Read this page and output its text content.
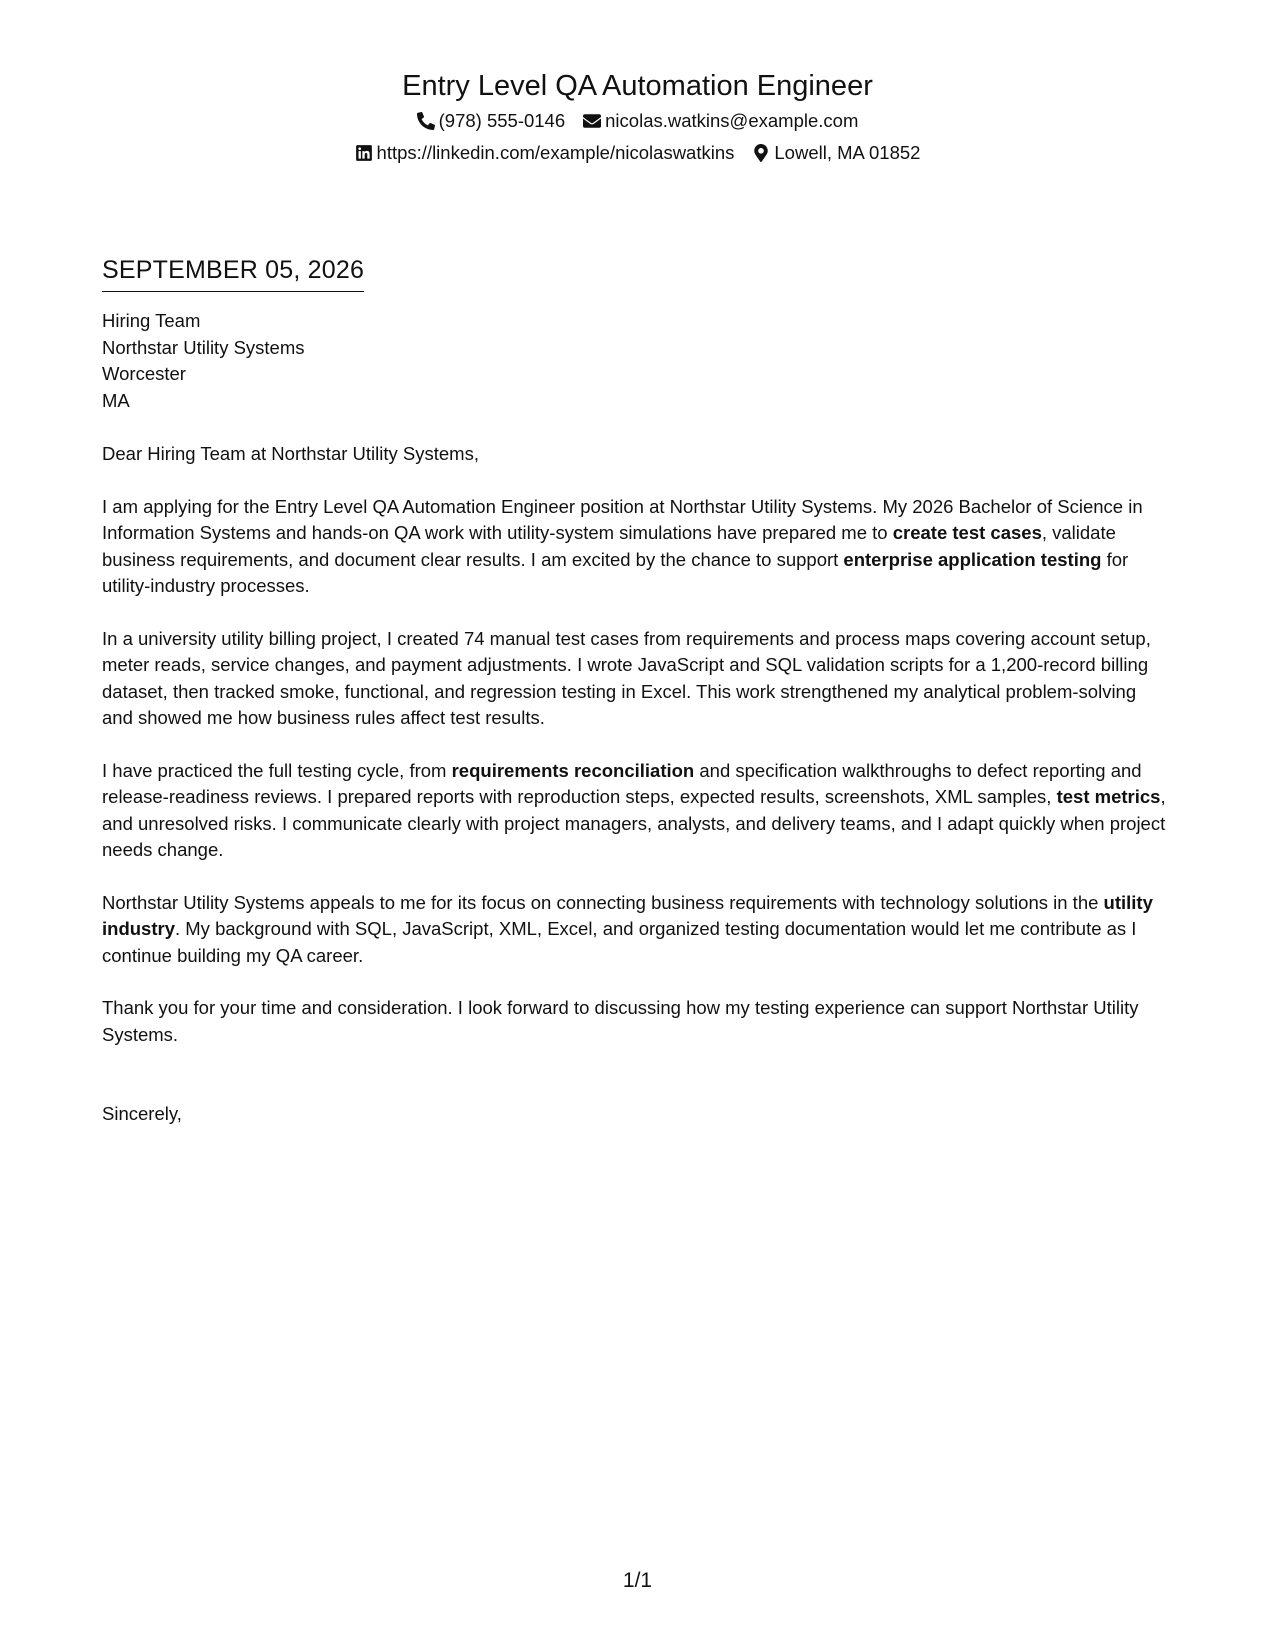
Entry Level QA Automation Engineer
(978) 555-0146 nicolas.watkins@example.com
https://linkedin.com/example/nicolaswatkins Lowell, MA 01852
SEPTEMBER 05, 2026
Hiring Team
Northstar Utility Systems
Worcester
MA
Dear Hiring Team at Northstar Utility Systems,
I am applying for the Entry Level QA Automation Engineer position at Northstar Utility Systems. My 2026 Bachelor of Science in Information Systems and hands-on QA work with utility-system simulations have prepared me to create test cases, validate business requirements, and document clear results. I am excited by the chance to support enterprise application testing for utility-industry processes.
In a university utility billing project, I created 74 manual test cases from requirements and process maps covering account setup, meter reads, service changes, and payment adjustments. I wrote JavaScript and SQL validation scripts for a 1,200-record billing dataset, then tracked smoke, functional, and regression testing in Excel. This work strengthened my analytical problem-solving and showed me how business rules affect test results.
I have practiced the full testing cycle, from requirements reconciliation and specification walkthroughs to defect reporting and release-readiness reviews. I prepared reports with reproduction steps, expected results, screenshots, XML samples, test metrics, and unresolved risks. I communicate clearly with project managers, analysts, and delivery teams, and I adapt quickly when project needs change.
Northstar Utility Systems appeals to me for its focus on connecting business requirements with technology solutions in the utility industry. My background with SQL, JavaScript, XML, Excel, and organized testing documentation would let me contribute as I continue building my QA career.
Thank you for your time and consideration. I look forward to discussing how my testing experience can support Northstar Utility Systems.
Sincerely,
1/1
